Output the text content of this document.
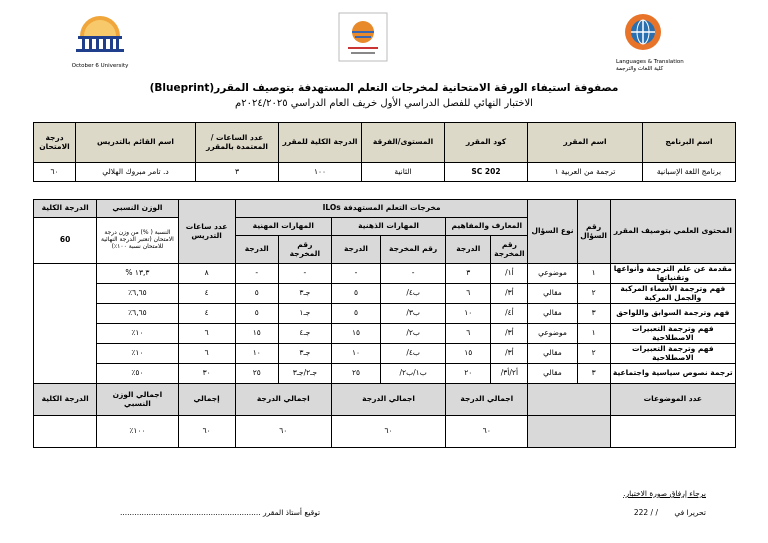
October 6 University
Languages & Translation
كلية اللغات والترجمة
مصفوفة استيفاء الورقة الامتحانية لمخرجات التعلم المستهدفة بتوصيف المقرر(Blueprint)
الاختبار النهائي للفصل الدراسي الأول خريف العام الدراسي ٢٠٢٤/٢٠٢٥م
اسم البرنامج	اسم المقرر	كود المقرر	المستوى/الفرقة	الدرجة الكلية للمقرر	عدد الساعات /المعتمدة بالمقرر	اسم القائم بالتدريس	درجة الامتحان
برنامج اللغة الإسبانية	ترجمة من العربية ١	SC 202	الثانية	١٠٠	٣	د. تامر مبروك الهلالي	٦٠
المحتوى العلمي بتوصيف المقرر	رقم السؤال	نوع السؤال	مخرجات التعلم المستهدفة ILOs						عدد ساعات التدريس	الوزن النسبي	الدرجة الكلية
			المعارف والمفاهيم		المهارات الذهنية		المهارات المهنية			النسبة ( %) من وزن درجة الامتحان (تعتبر الدرجة النهائية للامتحان نسبة ١٠٠٪)	60
			رقم المخرجة	الدرجة	رقم المخرجة	الدرجة	رقم المخرجة	الدرجة			
مقدمة عن علم الترجمة وأنواعها وتقنياتها	١	موضوعي	أ١/	٣	-	-	-	-	٨	١٣,٣ %	
فهم وترجمة الأسماء المركبة والجمل المركبة	٢	مقالي	أ٣/	٦	ب٤/	٥	جـ٣	٥	٤	٦,٦٥٪	
فهم وترجمة السوابق واللواحق	٣	مقالي	أ٤/	١٠	ب٣/	٥	جـ١	٥	٤	٦,٦٥٪	
فهم وترجمة التعبيرات الاصطلاحية	١	موضوعي	أ٣/	٦	ب٢/	١٥	جـ٤	١٥	٦	١٠٪	
فهم وترجمة التعبيرات الاصطلاحية	٢	مقالي	أ٣/	١٥	ب٤/	١٠	جـ٣	١٠	٦	١٠٪	
ترجمة نصوص سياسية واجتماعية	٣	مقالي	أ٢/أ٣/	٢٠	ب١/ب٢/	٢٥	جـ٢/جـ٣	٢٥	٣٠	٥٠٪	
عدد الموضوعات			اجمالي الدرجة		اجمالي الدرجة		اجمالي الدرجة		إجمالي	اجمالي الوزن النسبي	الدرجة الكلية
			٦٠		٦٠		٦٠		٦٠	١٠٠٪	
برجاء إرفاق صورة الاختبار.
تحريرا في / / 222
توقيع أستاذ المقرر ...........................................................
